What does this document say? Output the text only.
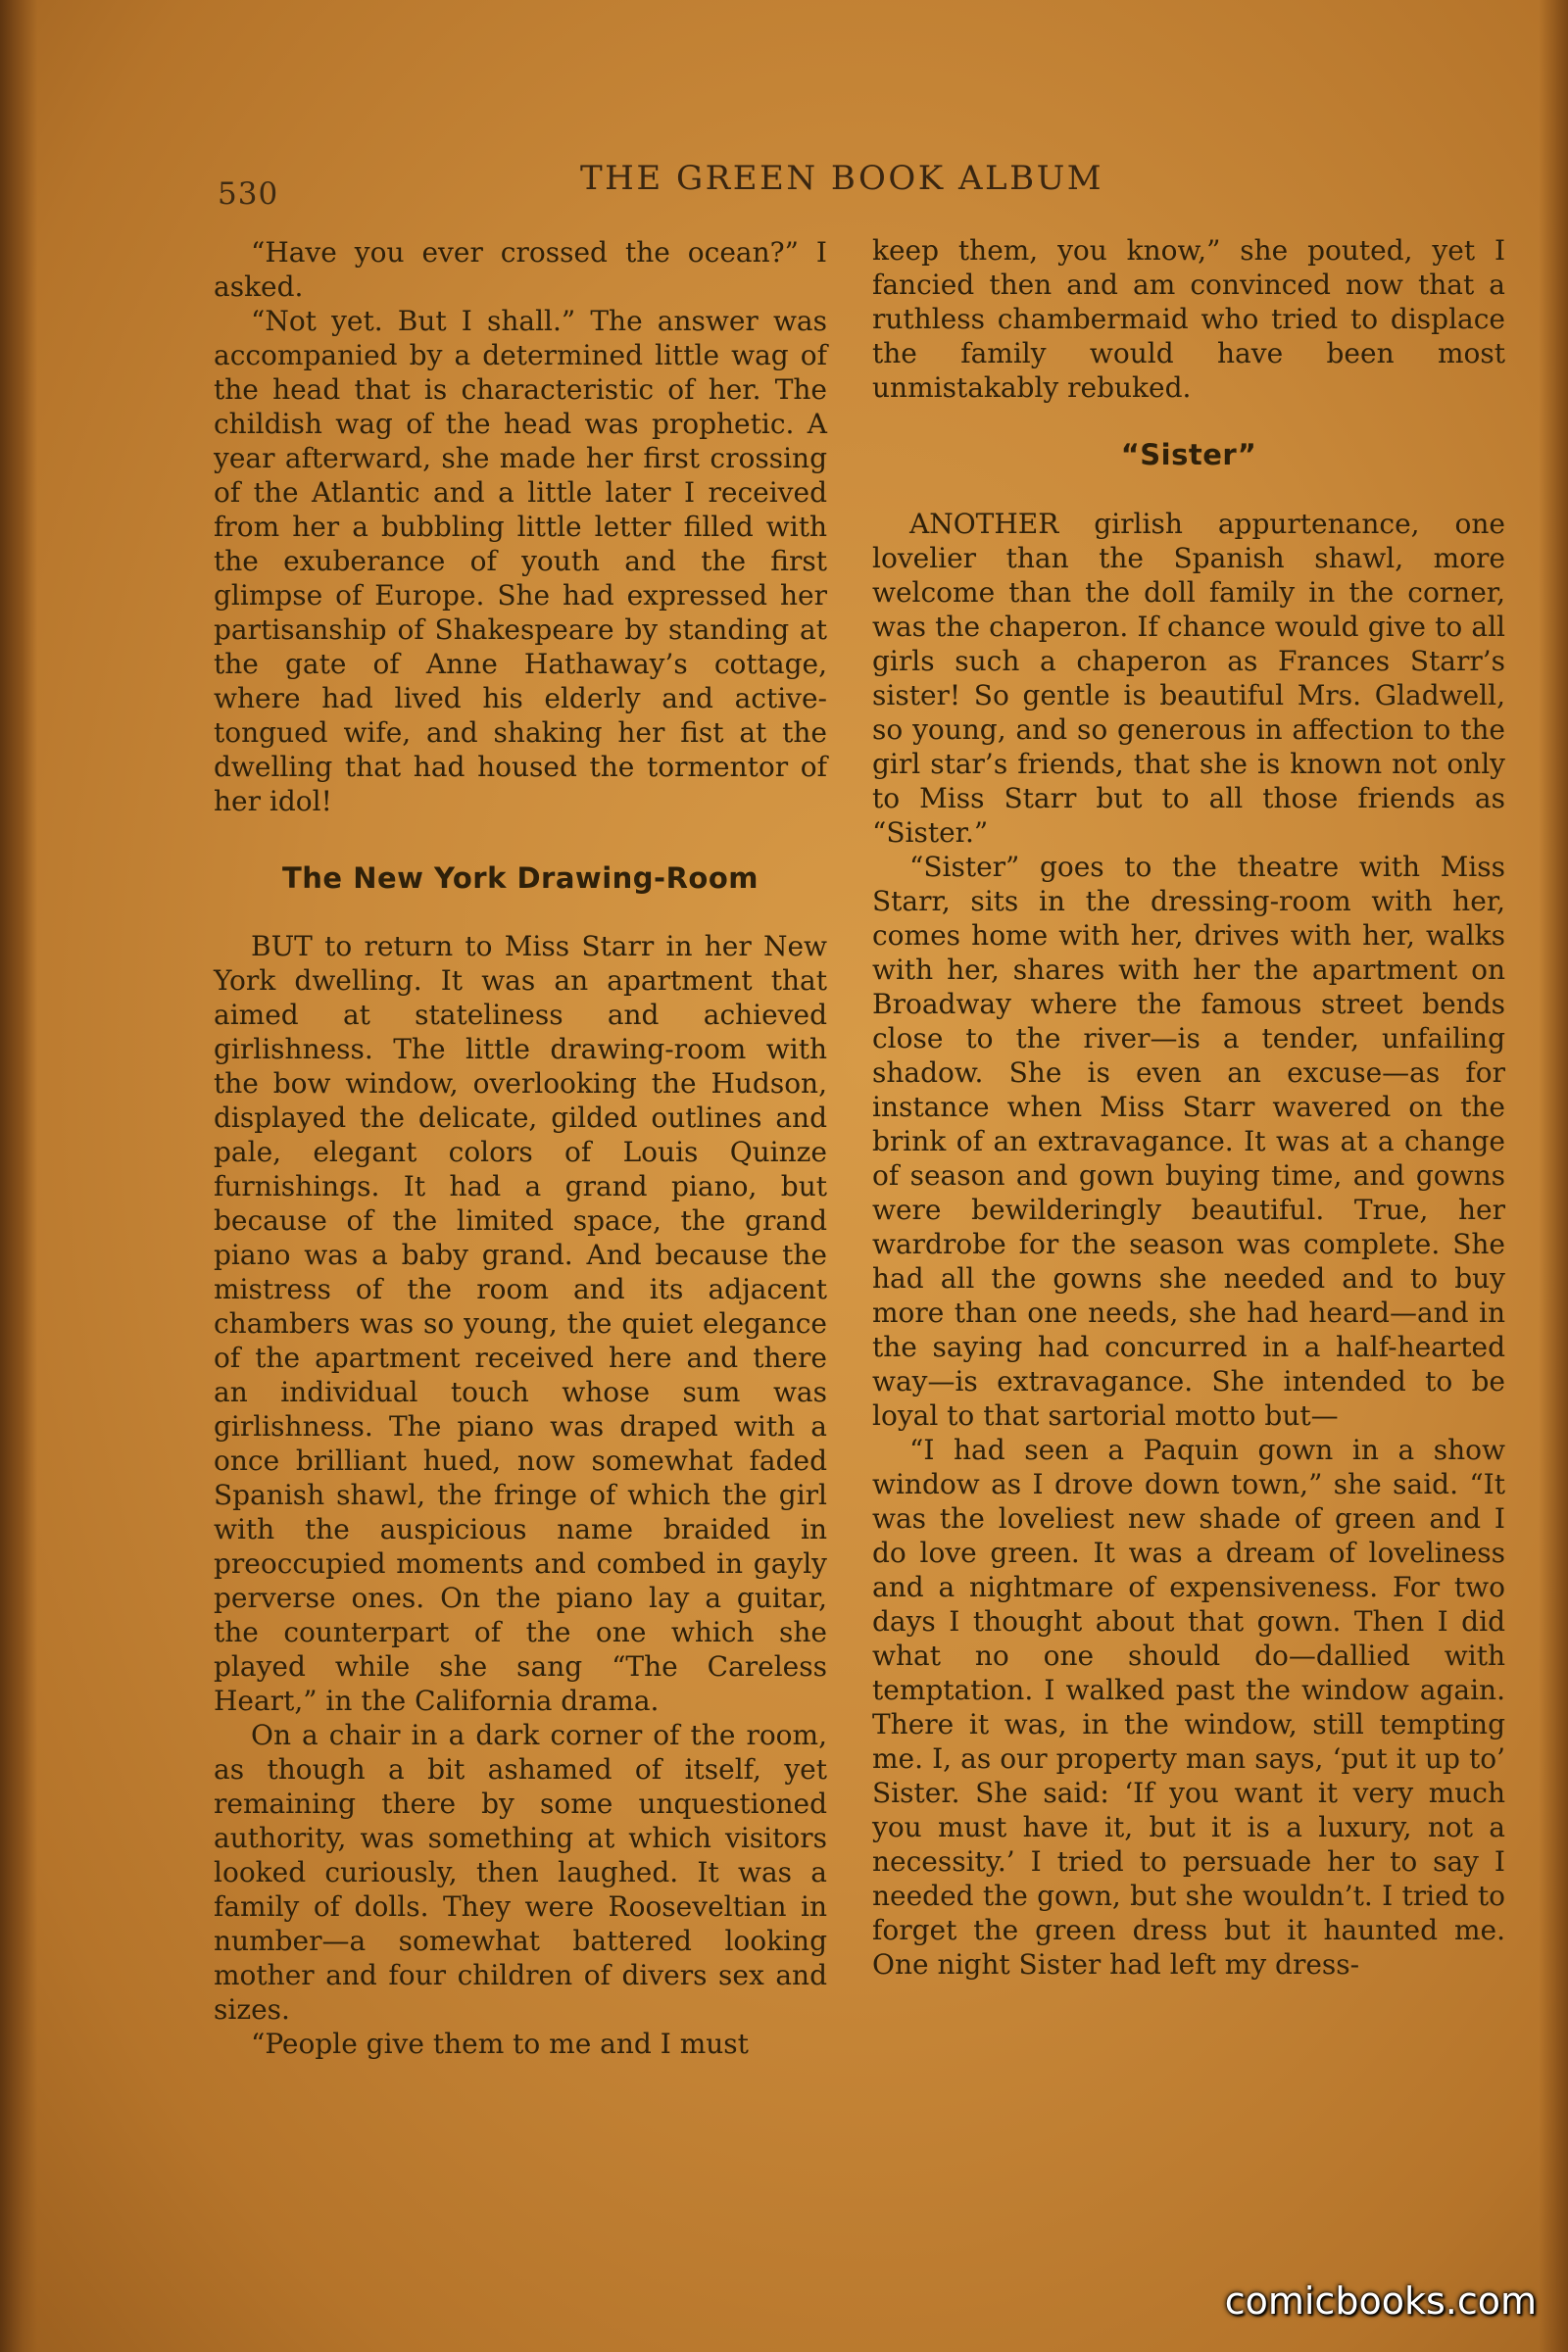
530	THE GREEN BOOK ALBUM

“Have you ever crossed the ocean?” I asked.

“Not yet. But I shall.” The answer was accompanied by a determined little wag of the head that is characteristic of her. The childish wag of the head was prophetic. A year afterward, she made her first crossing of the Atlantic and a little later I received from her a bubbling little letter filled with the exuberance of youth and the first glimpse of Europe. She had expressed her partisanship of Shakespeare by standing at the gate of Anne Hathaway’s cottage, where had lived his elderly and active-tongued wife, and shaking her fist at the dwelling that had housed the tormentor of her idol!

The New York Drawing-Room

BUT to return to Miss Starr in her New York dwelling. It was an apartment that aimed at stateliness and achieved girlishness. The little drawing-room with the bow window, overlooking the Hudson, displayed the delicate, gilded outlines and pale, elegant colors of Louis Quinze furnishings. It had a grand piano, but because of the limited space, the grand piano was a baby grand. And because the mistress of the room and its adjacent chambers was so young, the quiet elegance of the apartment received here and there an individual touch whose sum was girlishness. The piano was draped with a once brilliant hued, now somewhat faded Spanish shawl, the fringe of which the girl with the auspicious name braided in preoccupied moments and combed in gayly perverse ones. On the piano lay a guitar, the counterpart of the one which she played while she sang “The Careless Heart,” in the California drama.

On a chair in a dark corner of the room, as though a bit ashamed of itself, yet remaining there by some unquestioned authority, was something at which visitors looked curiously, then laughed. It was a family of dolls. They were Rooseveltian in number—a somewhat battered looking mother and four children of divers sex and sizes.

“People give them to me and I must

keep them, you know,” she pouted, yet I fancied then and am convinced now that a ruthless chambermaid who tried to displace the family would have been most unmistakably rebuked.

“Sister”

ANOTHER girlish appurtenance, one lovelier than the Spanish shawl, more welcome than the doll family in the corner, was the chaperon. If chance would give to all girls such a chaperon as Frances Starr’s sister! So gentle is beautiful Mrs. Gladwell, so young, and so generous in affection to the girl star’s friends, that she is known not only to Miss Starr but to all those friends as “Sister.”

“Sister” goes to the theatre with Miss Starr, sits in the dressing-room with her, comes home with her, drives with her, walks with her, shares with her the apartment on Broadway where the famous street bends close to the river—is a tender, unfailing shadow. She is even an excuse—as for instance when Miss Starr wavered on the brink of an extravagance. It was at a change of season and gown buying time, and gowns were bewilderingly beautiful. True, her wardrobe for the season was complete. She had all the gowns she needed and to buy more than one needs, she had heard—and in the saying had concurred in a half-hearted way—is extravagance. She intended to be loyal to that sartorial motto but—

“I had seen a Paquin gown in a show window as I drove down town,” she said. “It was the loveliest new shade of green and I do love green. It was a dream of loveliness and a nightmare of expensiveness. For two days I thought about that gown. Then I did what no one should do—dallied with temptation. I walked past the window again. There it was, in the window, still tempting me. I, as our property man says, ‘put it up to’ Sister. She said: ‘If you want it very much you must have it, but it is a luxury, not a necessity.’ I tried to persuade her to say I needed the gown, but she wouldn’t. I tried to forget the green dress but it haunted me. One night Sister had left my dress-

comicbooks.com
